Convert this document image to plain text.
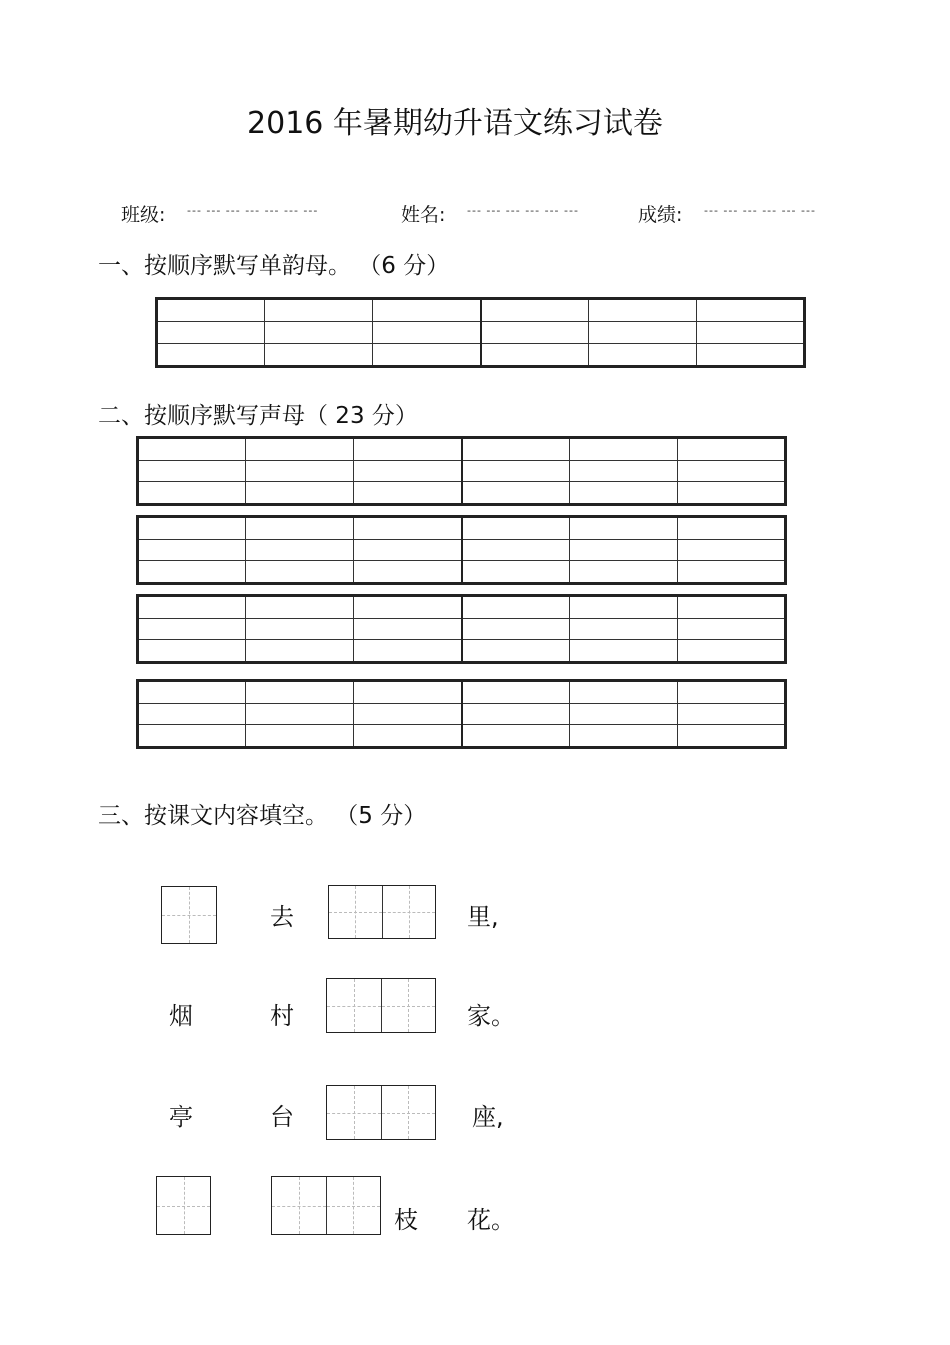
2016 年暑期幼升语文练习试卷
班级: --- --- --- --- --- --- ---	姓名: --- --- --- --- --- ---	成绩: --- --- --- --- --- ---
一、按顺序默写单韵母。 （6 分）

二、按顺序默写声母（ 23 分）

三、按课文内容填空。 （5 分）
去	里,
烟	村	家。
亭	台	座,
枝 花。
